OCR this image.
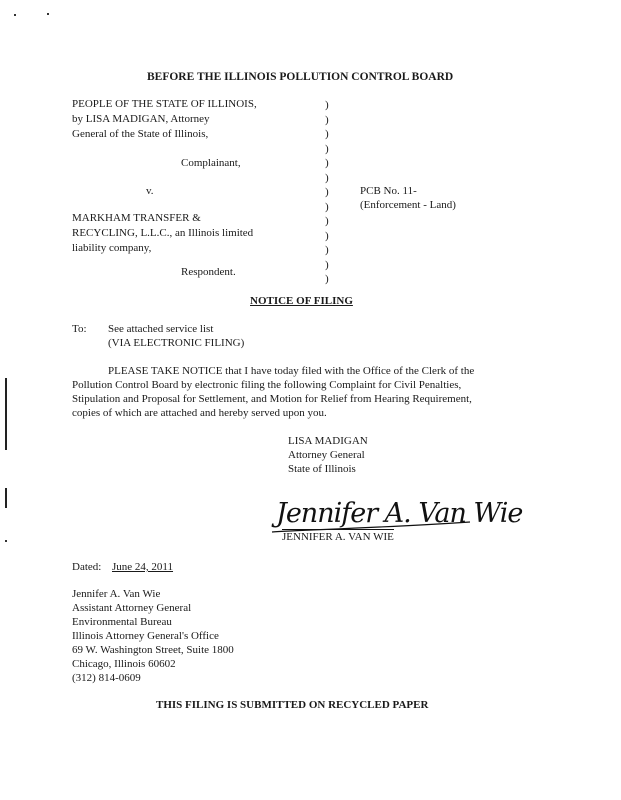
BEFORE THE ILLINOIS POLLUTION CONTROL BOARD
PEOPLE OF THE STATE OF ILLINOIS,
by LISA MADIGAN, Attorney
General of the State of Illinois,
Complainant,
v.
MARKHAM TRANSFER &
RECYCLING, L.L.C., an Illinois limited
liability company,
Respondent.
)
)
)
)
)
)
)
)
)
)
)
)
)
PCB No. 11-
(Enforcement - Land)
NOTICE OF FILING
To: See attached service list
(VIA ELECTRONIC FILING)
PLEASE TAKE NOTICE that I have today filed with the Office of the Clerk of the
Pollution Control Board by electronic filing the following Complaint for Civil Penalties,
Stipulation and Proposal for Settlement, and Motion for Relief from Hearing Requirement,
copies of which are attached and hereby served upon you.
LISA MADIGAN
Attorney General
State of Illinois
Jennifer A. Van Wie
JENNIFER A. VAN WIE
Dated: June 24, 2011
Jennifer A. Van Wie
Assistant Attorney General
Environmental Bureau
Illinois Attorney General's Office
69 W. Washington Street, Suite 1800
Chicago, Illinois 60602
(312) 814-0609
THIS FILING IS SUBMITTED ON RECYCLED PAPER
